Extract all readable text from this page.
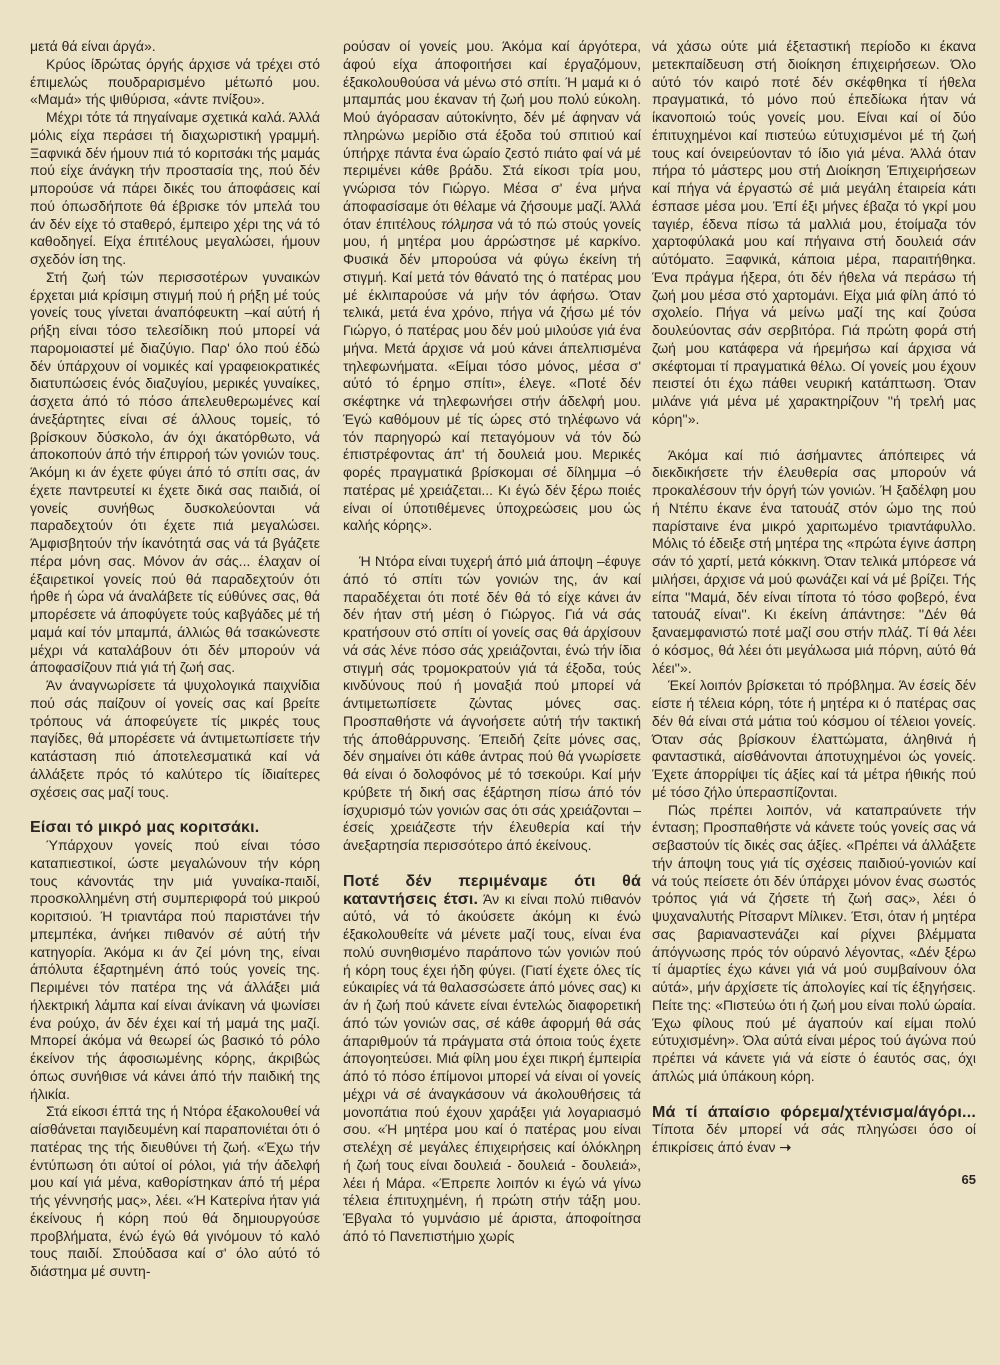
μετά θά είναι άργά».

Κρύος ίδρώτας όργής άρχισε νά τρέχει στό έπιμελώς πουδραρισμένο μέτωπό μου. «Μαμά» τής ψιθύρισα, «άντε πνίξου».

Μέχρι τότε τά πηγαίναμε σχετικά καλά. Άλλά μόλις είχα περάσει τή διαχωριστική γραμμή. Ξαφνικά δέν ήμουν πιά τό κοριτσάκι τής μαμάς πού είχε άνάγκη τήν προστασία της, πού δέν μπορούσε νά πάρει δικές του άποφάσεις καί πού όπωσδήποτε θά έβρισκε τόν μπελά του άν δέν είχε τό σταθερό, έμπειρο χέρι της νά τό καθοδηγεί. Είχα έπιτέλους μεγαλώσει, ήμουν σχεδόν ίση της.

Στή ζωή τών περισσοτέρων γυναικών έρχεται μιά κρίσιμη στιγμή πού ή ρήξη μέ τούς γονείς τους γίνεται άναπόφευκτη –καί αύτή ή ρήξη είναι τόσο τελεσίδικη πού μπορεί νά παρομοιαστεί μέ διαζύγιο. Παρ' όλο πού έδώ δέν ύπάρχουν οί νομικές καί γραφειοκρατικές διατυπώσεις ένός διαζυγίου, μερικές γυναίκες, άσχετα άπό τό πόσο άπελευθερωμένες καί άνεξάρτητες είναι σέ άλλους τομείς, τό βρίσκουν δύσκολο, άν όχι άκατόρθωτο, νά άποκοπούν άπό τήν έπιρροή τών γονιών τους. Άκόμη κι άν έχετε φύγει άπό τό σπίτι σας, άν έχετε παντρευτεί κι έχετε δικά σας παιδιά, οί γονείς συνήθως δυσκολεύονται νά παραδεχτούν ότι έχετε πιά μεγαλώσει. Άμφισβητούν τήν ίκανότητά σας νά τά βγάζετε πέρα μόνη σας. Μόνον άν σάς... έλαχαν οί έξαιρετικοί γονείς πού θά παραδεχτούν ότι ήρθε ή ώρα νά άναλάβετε τίς εύθύνες σας, θά μπορέσετε νά άποφύγετε τούς καβγάδες μέ τή μαμά καί τόν μπαμπά, άλλιώς θά τσακώνεστε μέχρι νά καταλάβουν ότι δέν μπορούν νά άποφασίζουν πιά γιά τή ζωή σας.

Άν άναγνωρίσετε τά ψυχολογικά παιχνίδια πού σάς παίζουν οί γονείς σας καί βρείτε τρόπους νά άποφεύγετε τίς μικρές τους παγίδες, θά μπορέσετε νά άντιμετωπίσετε τήν κατάσταση πιό άποτελεσματικά καί νά άλλάξετε πρός τό καλύτερο τίς ίδιαίτερες σχέσεις σας μαζί τους.

Είσαι τό μικρό μας κοριτσάκι.

Ύπάρχουν γονείς πού είναι τόσο καταπιεστικοί, ώστε μεγαλώνουν τήν κόρη τους κάνοντάς την μιά γυναίκα-παιδί, προσκολλημένη στή συμπεριφορά τού μικρού κοριτσιού. Ή τριαντάρα πού παριστάνει τήν μπεμπέκα, άνήκει πιθανόν σέ αύτή τήν κατηγορία. Άκόμα κι άν ζεί μόνη της, είναι άπόλυτα έξαρτημένη άπό τούς γονείς της. Περιμένει τόν πατέρα της νά άλλάξει μιά ήλεκτρική λάμπα καί είναι άνίκανη νά ψωνίσει ένα ρούχο, άν δέν έχει καί τή μαμά της μαζί. Μπορεί άκόμα νά θεωρεί ώς βασικό τό ρόλο έκείνον τής άφοσιωμένης κόρης, άκριβώς όπως συνήθισε νά κάνει άπό τήν παιδική της ήλικία.

Στά είκοσι έπτά της ή Ντόρα έξακολουθεί νά αίσθάνεται παγιδευμένη καί παραπονιέται ότι ό πατέρας της τής διευθύνει τή ζωή. «Έχω τήν έντύπωση ότι αύτοί οί ρόλοι, γιά τήν άδελφή μου καί γιά μένα, καθορίστηκαν άπό τή μέρα τής γέννησής μας», λέει. «Ή Κατερίνα ήταν γιά έκείνους ή κόρη πού θά δημιουργούσε προβλήματα, ένώ έγώ θά γινόμουν τό καλό τους παιδί. Σπούδασα καί σ' όλο αύτό τό διάστημα μέ συντη-

ρούσαν οί γονείς μου. Άκόμα καί άργότερα, άφού είχα άποφοιτήσει καί έργαζόμουν, έξακολουθούσα νά μένω στό σπίτι. Ή μαμά κι ό μπαμπάς μου έκαναν τή ζωή μου πολύ εύκολη. Μού άγόρασαν αύτοκίνητο, δέν μέ άφηναν νά πληρώνω μερίδιο στά έξοδα τού σπιτιού καί ύπήρχε πάντα ένα ώραίο ζεστό πιάτο φαί νά μέ περιμένει κάθε βράδυ. Στά είκοσι τρία μου, γνώρισα τόν Γιώργο. Μέσα σ' ένα μήνα άποφασίσαμε ότι θέλαμε νά ζήσουμε μαζί. Άλλά όταν έπιτέλους τόλμησα νά τό πώ στούς γονείς μου, ή μητέρα μου άρρώστησε μέ καρκίνο. Φυσικά δέν μπορούσα νά φύγω έκείνη τή στιγμή. Καί μετά τόν θάνατό της ό πατέρας μου μέ έκλιπαρούσε νά μήν τόν άφήσω. Όταν τελικά, μετά ένα χρόνο, πήγα νά ζήσω μέ τόν Γιώργο, ό πατέρας μου δέν μού μιλούσε γιά ένα μήνα. Μετά άρχισε νά μού κάνει άπελπισμένα τηλεφωνήματα. «Είμαι τόσο μόνος, μέσα σ' αύτό τό έρημο σπίτι», έλεγε. «Ποτέ δέν σκέφτηκε νά τηλεφωνήσει στήν άδελφή μου. Έγώ καθόμουν μέ τίς ώρες στό τηλέφωνο νά τόν παρηγορώ καί πεταγόμουν νά τόν δώ έπιστρέφοντας άπ' τή δουλειά μου. Μερικές φορές πραγματικά βρίσκομαι σέ δίλημμα –ό πατέρας μέ χρειάζεται... Κι έγώ δέν ξέρω ποιές είναι οί ύποτιθέμενες ύποχρεώσεις μου ώς καλής κόρης».

Ή Ντόρα είναι τυχερή άπό μιά άποψη –έφυγε άπό τό σπίτι τών γονιών της, άν καί παραδέχεται ότι ποτέ δέν θά τό είχε κάνει άν δέν ήταν στή μέση ό Γιώργος. Γιά νά σάς κρατήσουν στό σπίτι οί γονείς σας θά άρχίσουν νά σάς λένε πόσο σάς χρειάζονται, ένώ τήν ίδια στιγμή σάς τρομοκρατούν γιά τά έξοδα, τούς κινδύνους πού ή μοναξιά πού μπορεί νά άντιμετωπίσετε ζώντας μόνες σας. Προσπαθήστε νά άγνοήσετε αύτή τήν τακτική τής άποθάρρυνσης. Έπειδή ζείτε μόνες σας, δέν σημαίνει ότι κάθε άντρας πού θά γνωρίσετε θά είναι ό δολοφόνος μέ τό τσεκούρι. Καί μήν κρύβετε τή δική σας έξάρτηση πίσω άπό τόν ίσχυρισμό τών γονιών σας ότι σάς χρειάζονται –έσείς χρειάζεστε τήν έλευθερία καί τήν άνεξαρτησία περισσότερο άπό έκείνους.

Ποτέ δέν περιμέναμε ότι θά καταντήσεις έτσι. Άν κι είναι πολύ πιθανόν αύτό, νά τό άκούσετε άκόμη κι ένώ έξακολουθείτε νά μένετε μαζί τους, είναι ένα πολύ συνηθισμένο παράπονο τών γονιών πού ή κόρη τους έχει ήδη φύγει. (Γιατί έχετε όλες τίς εύκαιρίες νά τά θαλασσώσετε άπό μόνες σας) κι άν ή ζωή πού κάνετε είναι έντελώς διαφορετική άπό τών γονιών σας, σέ κάθε άφορμή θά σάς άπαριθμούν τά πράγματα στά όποια τούς έχετε άπογοητεύσει. Μιά φίλη μου έχει πικρή έμπειρία άπό τό πόσο έπίμονοι μπορεί νά είναι οί γονείς μέχρι νά σέ άναγκάσουν νά άκολουθήσεις τά μονοπάτια πού έχουν χαράξει γιά λογαριασμό σου. «Ή μητέρα μου καί ό πατέρας μου είναι στελέχη σέ μεγάλες έπιχειρήσεις καί όλόκληρη ή ζωή τους είναι δουλειά - δουλειά - δουλειά», λέει ή Μάρα. «Έπρεπε λοιπόν κι έγώ νά γίνω τέλεια έπιτυχημένη, ή πρώτη στήν τάξη μου. Έβγαλα τό γυμνάσιο μέ άριστα, άποφοίτησα άπό τό Πανεπιστήμιο χωρίς

νά χάσω ούτε μιά έξεταστική περίοδο κι έκανα μετεκπαίδευση στή διοίκηση έπιχειρήσεων. Όλο αύτό τόν καιρό ποτέ δέν σκέφθηκα τί ήθελα πραγματικά, τό μόνο πού έπεδίωκα ήταν νά ίκανοποιώ τούς γονείς μου. Είναι καί οί δύο έπιτυχημένοι καί πιστεύω εύτυχισμένοι μέ τή ζωή τους καί όνειρεύονταν τό ίδιο γιά μένα. Άλλά όταν πήρα τό μάστερς μου στή Διοίκηση Έπιχειρήσεων καί πήγα νά έργαστώ σέ μιά μεγάλη έταιρεία κάτι έσπασε μέσα μου. Έπί έξι μήνες έβαζα τό γκρί μου ταγιέρ, έδενα πίσω τά μαλλιά μου, έτοίμαζα τόν χαρτοφύλακά μου καί πήγαινα στή δουλειά σάν αύτόματο. Ξαφνικά, κάποια μέρα, παραιτήθηκα. Ένα πράγμα ήξερα, ότι δέν ήθελα νά περάσω τή ζωή μου μέσα στό χαρτομάνι. Είχα μιά φίλη άπό τό σχολείο. Πήγα νά μείνω μαζί της καί ζούσα δουλεύοντας σάν σερβιτόρα. Γιά πρώτη φορά στή ζωή μου κατάφερα νά ήρεμήσω καί άρχισα νά σκέφτομαι τί πραγματικά θέλω. Οί γονείς μου έχουν πειστεί ότι έχω πάθει νευρική κατάπτωση. Όταν μιλάνε γιά μένα μέ χαρακτηρίζουν ''ή τρελή μας κόρη''».

Άκόμα καί πιό άσήμαντες άπόπειρες νά διεκδικήσετε τήν έλευθερία σας μπορούν νά προκαλέσουν τήν όργή τών γονιών. Ή ξαδέλφη μου ή Ντέπυ έκανε ένα τατουάζ στόν ώμο της πού παρίσταινε ένα μικρό χαριτωμένο τριαντάφυλλο. Μόλις τό έδειξε στή μητέρα της «πρώτα έγινε άσπρη σάν τό χαρτί, μετά κόκκινη. Όταν τελικά μπόρεσε νά μιλήσει, άρχισε νά μού φωνάζει καί νά μέ βρίζει. Τής είπα ''Μαμά, δέν είναι τίποτα τό τόσο φοβερό, ένα τατουάζ είναι''. Κι έκείνη άπάντησε: ''Δέν θά ξαναεμφανιστώ ποτέ μαζί σου στήν πλάζ. Τί θά λέει ό κόσμος, θά λέει ότι μεγάλωσα μιά πόρνη, αύτό θά λέει''».

Έκεί λοιπόν βρίσκεται τό πρόβλημα. Άν έσείς δέν είστε ή τέλεια κόρη, τότε ή μητέρα κι ό πατέρας σας δέν θά είναι στά μάτια τού κόσμου οί τέλειοι γονείς. Όταν σάς βρίσκουν έλαττώματα, άληθινά ή φανταστικά, αίσθάνονται άποτυχημένοι ώς γονείς. Έχετε άπορρίψει τίς άξίες καί τά μέτρα ήθικής πού μέ τόσο ζήλο ύπερασπίζονται.

Πώς πρέπει λοιπόν, νά καταπραύνετε τήν ένταση; Προσπαθήστε νά κάνετε τούς γονείς σας νά σεβαστούν τίς δικές σας άξίες. «Πρέπει νά άλλάξετε τήν άποψη τους γιά τίς σχέσεις παιδιού-γονιών καί νά τούς πείσετε ότι δέν ύπάρχει μόνον ένας σωστός τρόπος γιά νά ζήσετε τή ζωή σας», λέει ό ψυχαναλυτής Ρίτσαρντ Μίλικεν. Έτσι, όταν ή μητέρα σας βαριαναστενάζει καί ρίχνει βλέμματα άπόγνωσης πρός τόν ούρανό λέγοντας, «Δέν ξέρω τί άμαρτίες έχω κάνει γιά νά μού συμβαίνουν όλα αύτά», μήν άρχίσετε τίς άπολογίες καί τίς έξηγήσεις. Πείτε της: «Πιστεύω ότι ή ζωή μου είναι πολύ ώραία. Έχω φίλους πού μέ άγαπούν καί είμαι πολύ εύτυχισμένη». Όλα αύτά είναι μέρος τού άγώνα πού πρέπει νά κάνετε γιά νά είστε ό έαυτός σας, όχι άπλώς μιά ύπάκουη κόρη.

Μά τί άπαίσιο φόρεμα/χτένισμα/άγόρι... Τίποτα δέν μπορεί νά σάς πληγώσει όσο οί έπικρίσεις άπό έναν ➝

65
